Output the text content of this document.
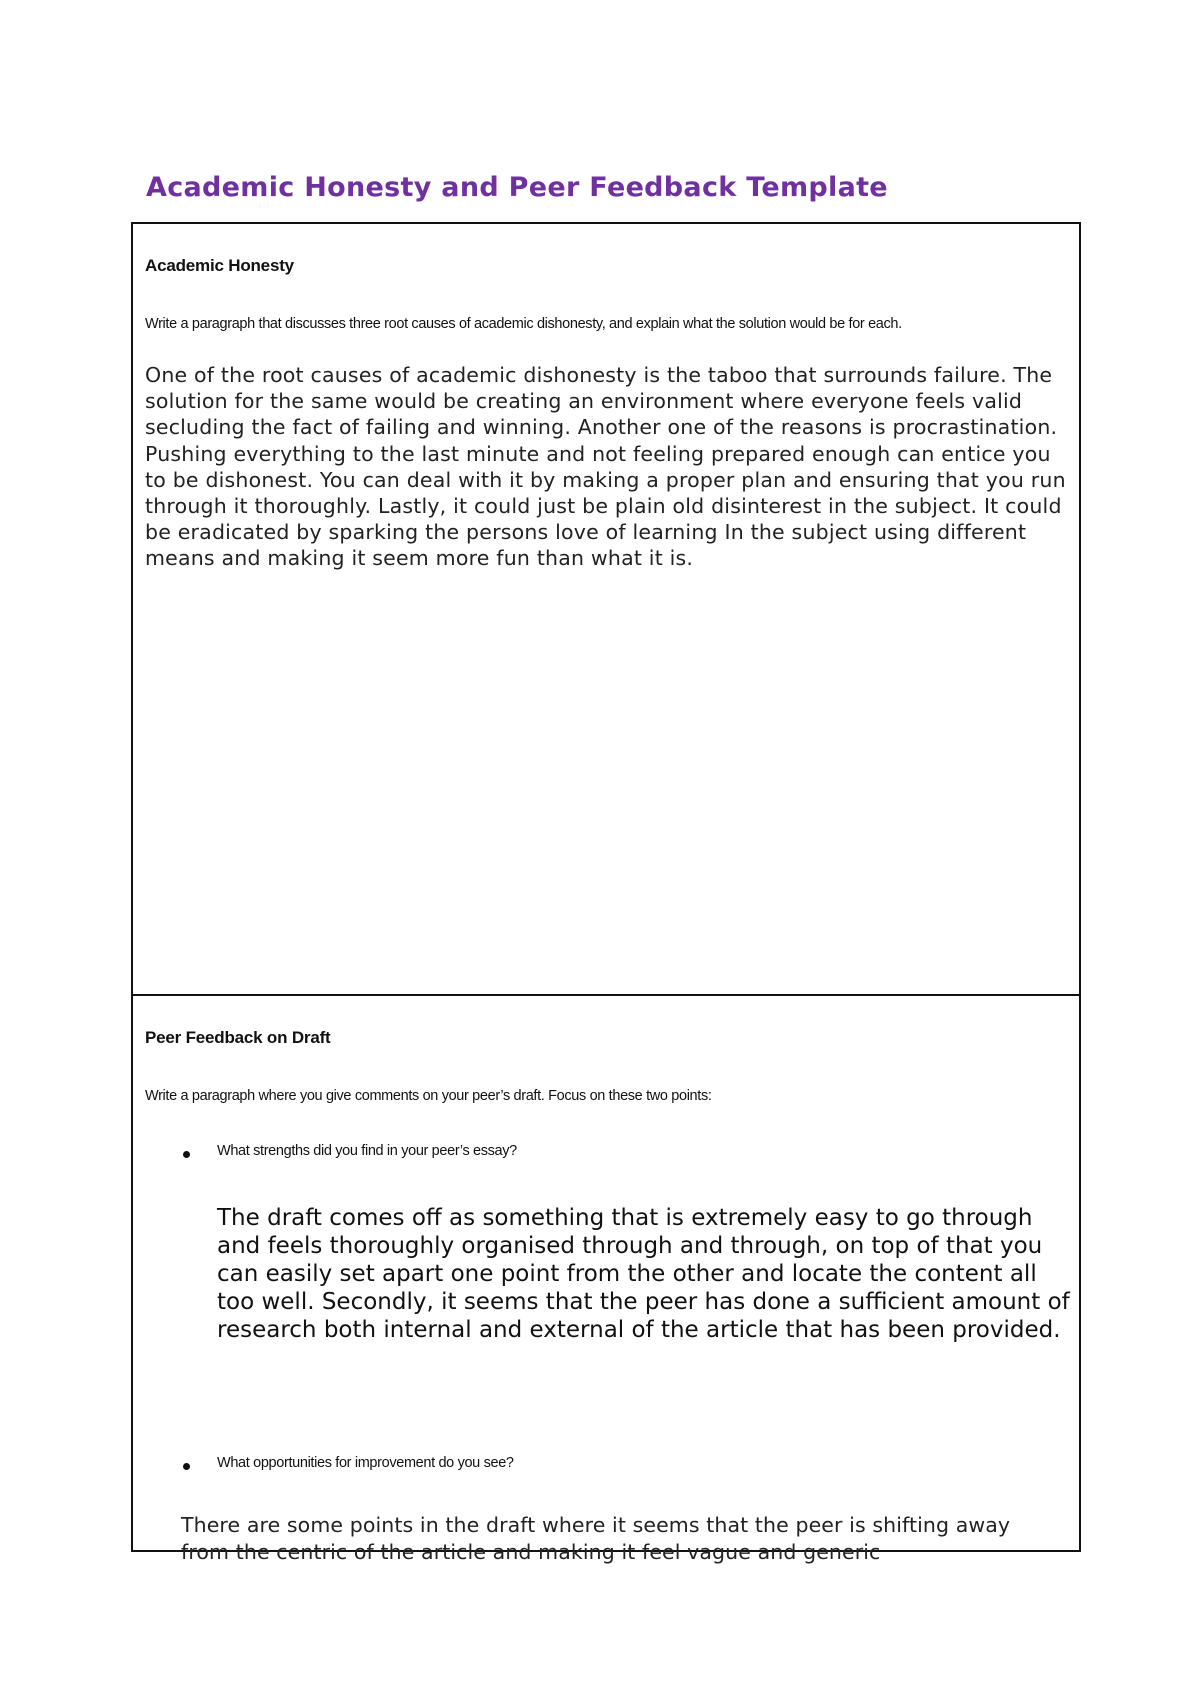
Academic Honesty and Peer Feedback Template

Academic Honesty

Write a paragraph that discusses three root causes of academic dishonesty, and explain what the solution would be for each.

One of the root causes of academic dishonesty is the taboo that surrounds failure. The solution for the same would be creating an environment where everyone feels valid secluding the fact of failing and winning. Another one of the reasons is procrastination. Pushing everything to the last minute and not feeling prepared enough can entice you to be dishonest. You can deal with it by making a proper plan and ensuring that you run through it thoroughly. Lastly, it could just be plain old disinterest in the subject. It could be eradicated by sparking the persons love of learning In the subject using different means and making it seem more fun than what it is.

Peer Feedback on Draft

Write a paragraph where you give comments on your peer’s draft. Focus on these two points:

What strengths did you find in your peer’s essay?

The draft comes off as something that is extremely easy to go through and feels thoroughly organised through and through, on top of that you can easily set apart one point from the other and locate the content all too well. Secondly, it seems that the peer has done a sufficient amount of research both internal and external of the article that has been provided.

What opportunities for improvement do you see?

There are some points in the draft where it seems that the peer is shifting away from the centric of the article and making it feel vague and generic
